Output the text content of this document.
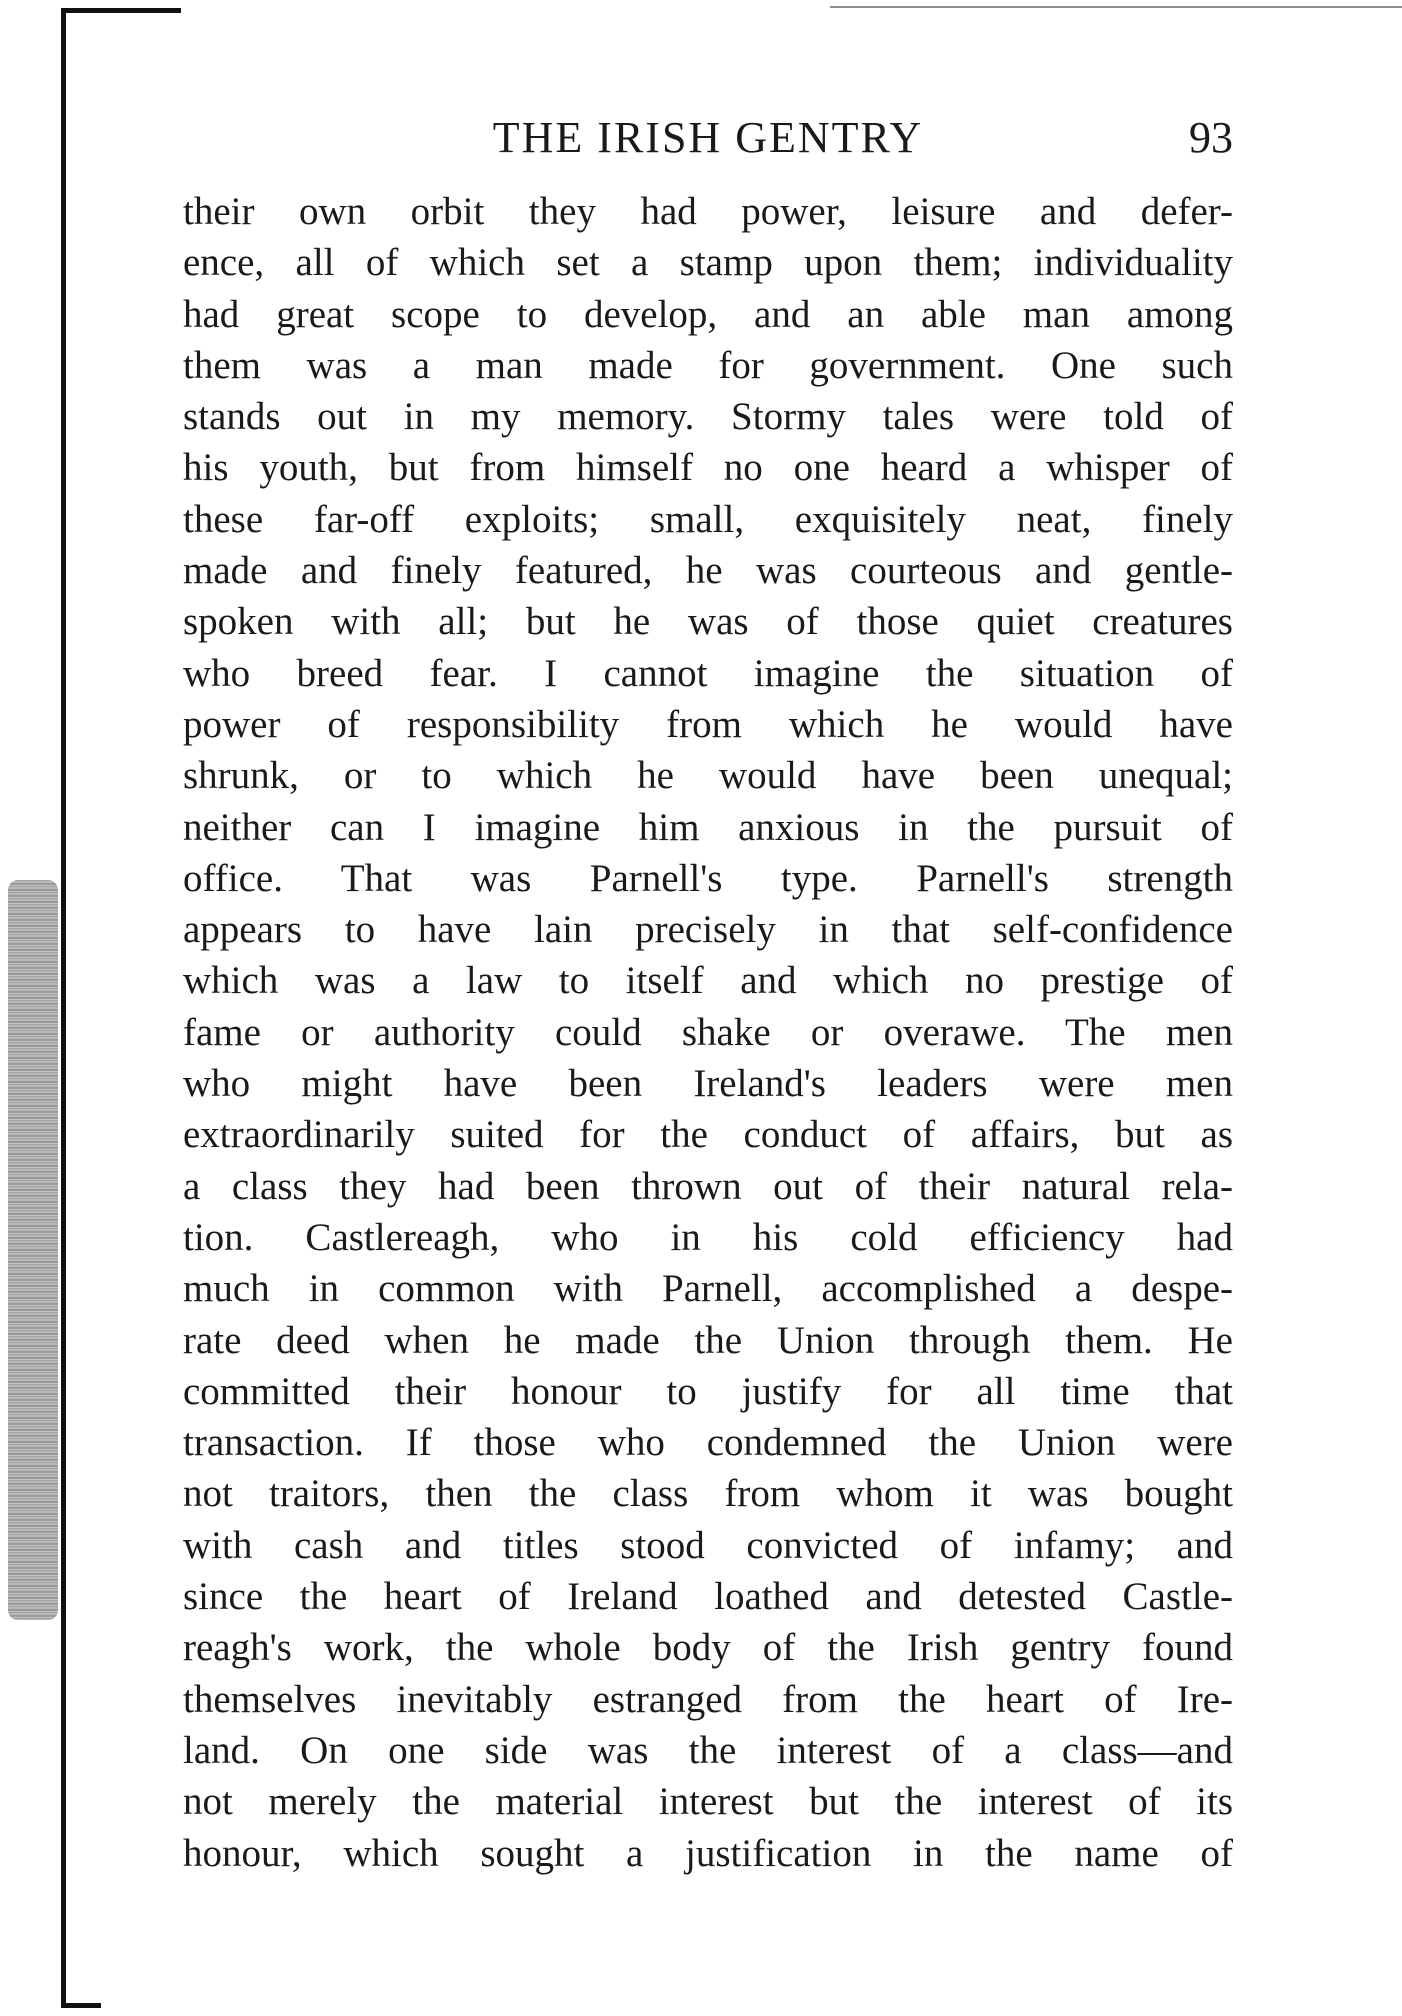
THE IRISH GENTRY	93
their own orbit they had power, leisure and defer-
ence, all of which set a stamp upon them; individuality
had great scope to develop, and an able man among
them was a man made for government. One such
stands out in my memory. Stormy tales were told of
his youth, but from himself no one heard a whisper of
these far-off exploits; small, exquisitely neat, finely
made and finely featured, he was courteous and gentle-
spoken with all; but he was of those quiet creatures
who breed fear. I cannot imagine the situation of
power of responsibility from which he would have
shrunk, or to which he would have been unequal;
neither can I imagine him anxious in the pursuit of
office. That was Parnell's type. Parnell's strength
appears to have lain precisely in that self-confidence
which was a law to itself and which no prestige of
fame or authority could shake or overawe. The men
who might have been Ireland's leaders were men
extraordinarily suited for the conduct of affairs, but as
a class they had been thrown out of their natural rela-
tion. Castlereagh, who in his cold efficiency had
much in common with Parnell, accomplished a despe-
rate deed when he made the Union through them. He
committed their honour to justify for all time that
transaction. If those who condemned the Union were
not traitors, then the class from whom it was bought
with cash and titles stood convicted of infamy; and
since the heart of Ireland loathed and detested Castle-
reagh's work, the whole body of the Irish gentry found
themselves inevitably estranged from the heart of Ire-
land. On one side was the interest of a class—and
not merely the material interest but the interest of its
honour, which sought a justification in the name of
